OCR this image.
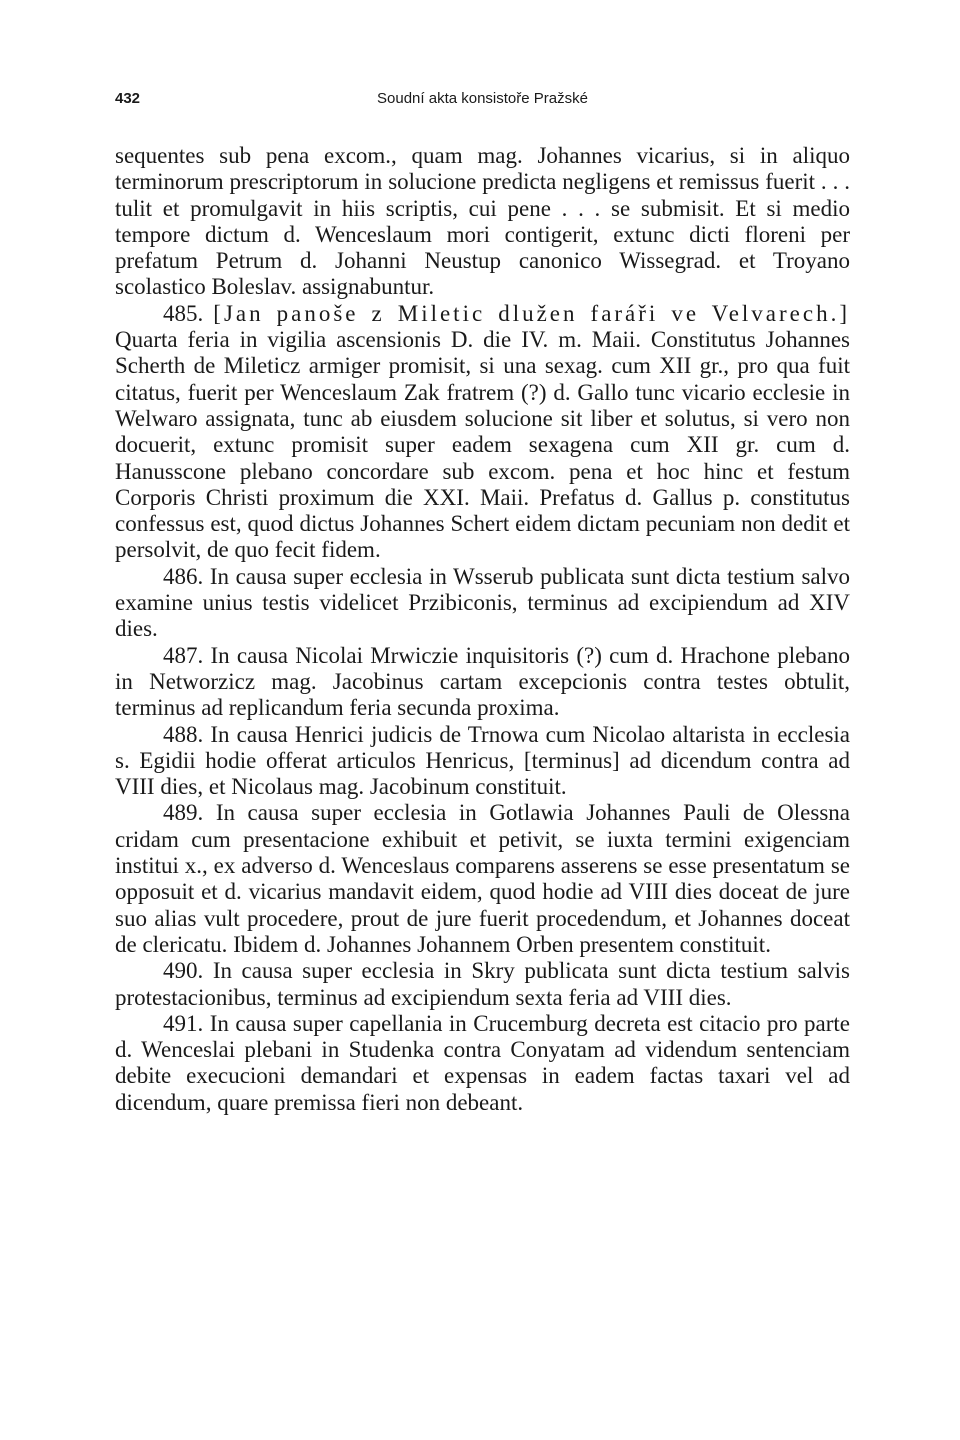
432	Soudní akta konsistoře Pražské

sequentes sub pena excom., quam mag. Johannes vicarius, si in aliquo terminorum prescriptorum in solucione predicta negligens et remissus fuerit . . . tulit et promulgavit in hiis scriptis, cui pene . . . se submisit. Et si medio tempore dictum d. Wenceslaum mori contigerit, extunc dicti floreni per prefatum Petrum d. Johanni Neustup canonico Wissegrad. et Troyano scolastico Boleslav. assignabuntur.

485. [Jan panoše z Miletic dlužen faráři ve Velvarech.] Quarta feria in vigilia ascensionis D. die IV. m. Maii. Constitutus Johannes Scherth de Mileticz armiger promisit, si una sexag. cum XII gr., pro qua fuit citatus, fuerit per Wenceslaum Zak fratrem (?) d. Gallo tunc vicario ecclesie in Welwaro assignata, tunc ab eiusdem solucione sit liber et solutus, si vero non docuerit, extunc promisit super eadem sexagena cum XII gr. cum d. Hanusscone plebano concordare sub excom. pena et hoc hinc et festum Corporis Christi proximum die XXI. Maii. Prefatus d. Gallus p. constitutus confessus est, quod dictus Johannes Schert eidem dictam pecuniam non dedit et persolvit, de quo fecit fidem.

486. In causa super ecclesia in Wsserub publicata sunt dicta testium salvo examine unius testis videlicet Przibiconis, terminus ad excipiendum ad XIV dies.

487. In causa Nicolai Mrwiczie inquisitoris (?) cum d. Hrachone plebano in Networzicz mag. Jacobinus cartam excepcionis contra testes obtulit, terminus ad replicandum feria secunda proxima.

488. In causa Henrici judicis de Trnowa cum Nicolao altarista in ecclesia s. Egidii hodie offerat articulos Henricus, [terminus] ad dicendum contra ad VIII dies, et Nicolaus mag. Jacobinum constituit.

489. In causa super ecclesia in Gotlawia Johannes Pauli de Olessna cridam cum presentacione exhibuit et petivit, se iuxta termini exigenciam institui x., ex adverso d. Wenceslaus comparens asserens se esse presentatum se opposuit et d. vicarius mandavit eidem, quod hodie ad VIII dies doceat de jure suo alias vult procedere, prout de jure fuerit procedendum, et Johannes doceat de clericatu. Ibidem d. Johannes Johannem Orben presentem constituit.

490. In causa super ecclesia in Skry publicata sunt dicta testium salvis protestacionibus, terminus ad excipiendum sexta feria ad VIII dies.

491. In causa super capellania in Crucemburg decreta est citacio pro parte d. Wenceslai plebani in Studenka contra Conyatam ad videndum sentenciam debite execucioni demandari et expensas in eadem factas taxari vel ad dicendum, quare premissa fieri non debeant.
